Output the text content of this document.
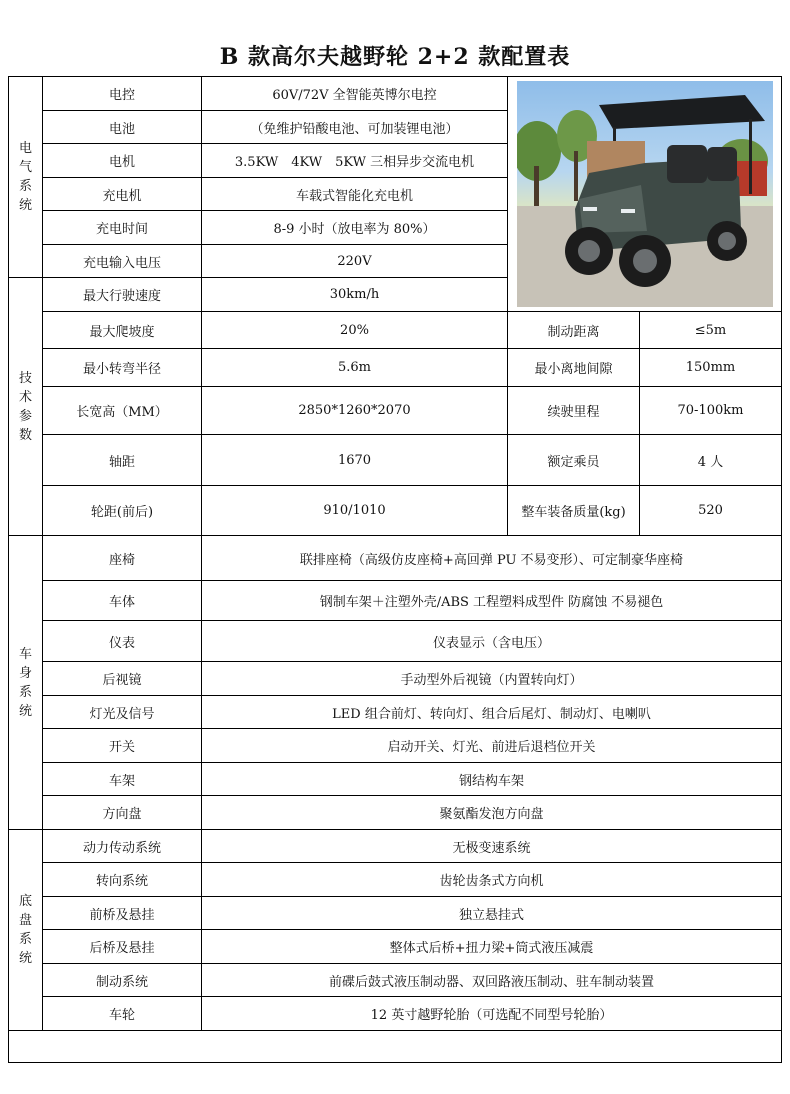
B 款高尔夫越野轮 2+2 款配置表
电气系统	电控	60V/72V 全智能英博尔电控	

	电池	（免维护铅酸电池、可加装锂电池）		
	电机	3.5KW　4KW　5KW 三相异步交流电机		
	充电机	车载式智能化充电机		
	充电时间	8-9 小时（放电率为 80%）		
	充电输入电压	220V		

技术参数	最大行驶速度	30km/h		
	最大爬坡度	20%	制动距离	≤5m
	最小转弯半径	5.6m	最小离地间隙	150mm
	长宽高（MM）	2850*1260*2070	续驶里程	70-100km
	轴距	1670	额定乘员	4 人
	轮距(前后)	910/1010	整车装备质量(kg)	520

车身系统	座椅	联排座椅（高级仿皮座椅+高回弹 PU 不易变形）、可定制豪华座椅		
	车体	钢制车架＋注塑外壳/ABS 工程塑料成型件 防腐蚀 不易褪色		
	仪表	仪表显示（含电压）		
	后视镜	手动型外后视镜（内置转向灯）		
	灯光及信号	LED 组合前灯、转向灯、组合后尾灯、制动灯、电喇叭		
	开关	启动开关、灯光、前进后退档位开关		
	车架	钢结构车架		
	方向盘	聚氨酯发泡方向盘		

底盘系统	动力传动系统	无极变速系统		
	转向系统	齿轮齿条式方向机		
	前桥及悬挂	独立悬挂式		
	后桥及悬挂	整体式后桥+扭力梁+筒式液压减震		
	制动系统	前碟后鼓式液压制动器、双回路液压制动、驻车制动装置		
	车轮	12 英寸越野轮胎（可选配不同型号轮胎）		
